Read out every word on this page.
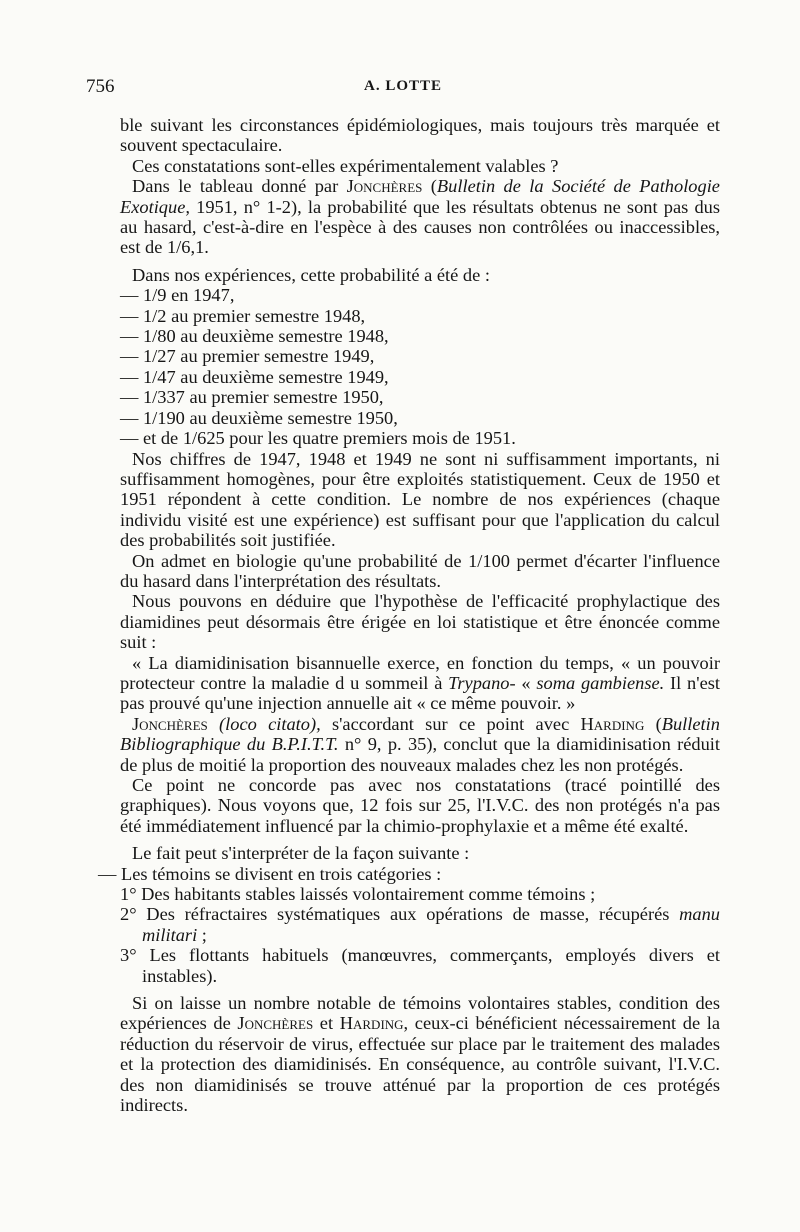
756	A. LOTTE

ble suivant les circonstances épidémiologiques, mais toujours très marquée et souvent spectaculaire.

Ces constatations sont-elles expérimentalement valables ?

Dans le tableau donné par Jonchères (Bulletin de la Société de Pathologie Exotique, 1951, n° 1-2), la probabilité que les résultats obtenus ne sont pas dus au hasard, c'est-à-dire en l'espèce à des causes non contrôlées ou inaccessibles, est de 1/6,1.

Dans nos expériences, cette probabilité a été de :

— 1/9 en 1947,

— 1/2 au premier semestre 1948,

— 1/80 au deuxième semestre 1948,

— 1/27 au premier semestre 1949,

— 1/47 au deuxième semestre 1949,

— 1/337 au premier semestre 1950,

— 1/190 au deuxième semestre 1950,

— et de 1/625 pour les quatre premiers mois de 1951.

Nos chiffres de 1947, 1948 et 1949 ne sont ni suffisamment importants, ni suffisamment homogènes, pour être exploités statistiquement. Ceux de 1950 et 1951 répondent à cette condition. Le nombre de nos expériences (chaque individu visité est une expérience) est suffisant pour que l'application du calcul des probabilités soit justifiée.

On admet en biologie qu'une probabilité de 1/100 permet d'écarter l'influence du hasard dans l'interprétation des résultats.

Nous pouvons en déduire que l'hypothèse de l'efficacité prophylactique des diamidines peut désormais être érigée en loi statistique et être énoncée comme suit :

« La diamidinisation bisannuelle exerce, en fonction du temps, « un pouvoir protecteur contre la maladie d u sommeil à Trypano- « soma gambiense. Il n'est pas prouvé qu'une injection annuelle ait « ce même pouvoir. »

Jonchères (loco citato), s'accordant sur ce point avec Harding (Bulletin Bibliographique du B.P.I.T.T. n° 9, p. 35), conclut que la diamidinisation réduit de plus de moitié la proportion des nouveaux malades chez les non protégés.

Ce point ne concorde pas avec nos constatations (tracé pointillé des graphiques). Nous voyons que, 12 fois sur 25, l'I.V.C. des non protégés n'a pas été immédiatement influencé par la chimio-prophylaxie et a même été exalté.

Le fait peut s'interpréter de la façon suivante :

— Les témoins se divisent en trois catégories :

1° Des habitants stables laissés volontairement comme témoins ;

2° Des réfractaires systématiques aux opérations de masse, récupérés manu militari ;

3° Les flottants habituels (manœuvres, commerçants, employés divers et instables).

Si on laisse un nombre notable de témoins volontaires stables, condition des expériences de Jonchères et Harding, ceux-ci bénéficient nécessairement de la réduction du réservoir de virus, effectuée sur place par le traitement des malades et la protection des diamidinisés. En conséquence, au contrôle suivant, l'I.V.C. des non diamidinisés se trouve atténué par la proportion de ces protégés indirects.
